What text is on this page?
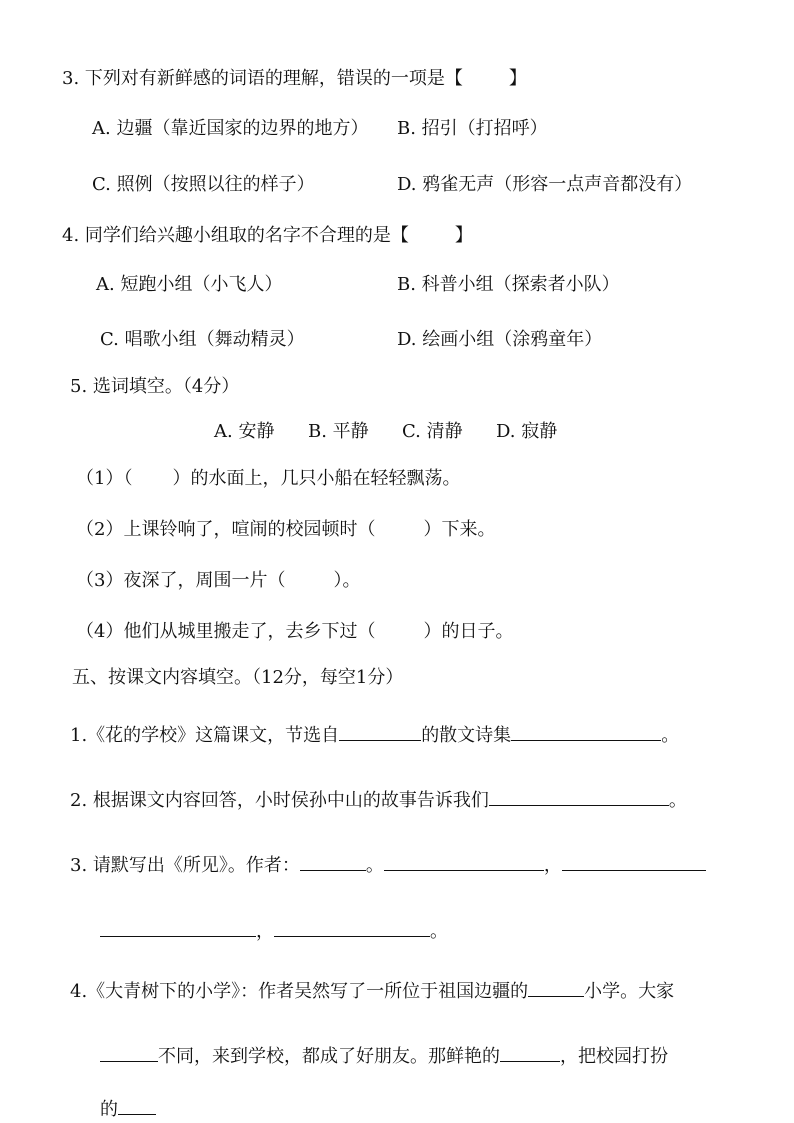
3. 下列对有新鲜感的词语的理解，错误的一项是【	】
A. 边疆（靠近国家的边界的地方） B. 招引（打招呼）
C. 照例（按照以往的样子）	D. 鸦雀无声（形容一点声音都没有）
4. 同学们给兴趣小组取的名字不合理的是【	】
A. 短跑小组（小飞人）	B. 科普小组（探索者小队）
C. 唱歌小组（舞动精灵）	D. 绘画小组（涂鸦童年）
5. 选词填空。（4分）
A. 安静 B. 平静 C. 清静 D. 寂静
（1）（ ）的水面上，几只小船在轻轻飘荡。
（2）上课铃响了，喧闹的校园顿时（	）下来。
（3）夜深了，周围一片（	）。
（4）他们从城里搬走了，去乡下过（	）的日子。
五、按课文内容填空。（12分，每空1分）
1.《花的学校》这篇课文，节选自	的散文诗集	。
2. 根据课文内容回答，小时侯孙中山的故事告诉我们	。
3. 请默写出《所见》。作者：	。	，
，	。
4.《大青树下的小学》：作者吴然写了一所位于祖国边疆的	小学。大家
不同，来到学校，都成了好朋友。那鲜艳的	，把校园打扮
的
